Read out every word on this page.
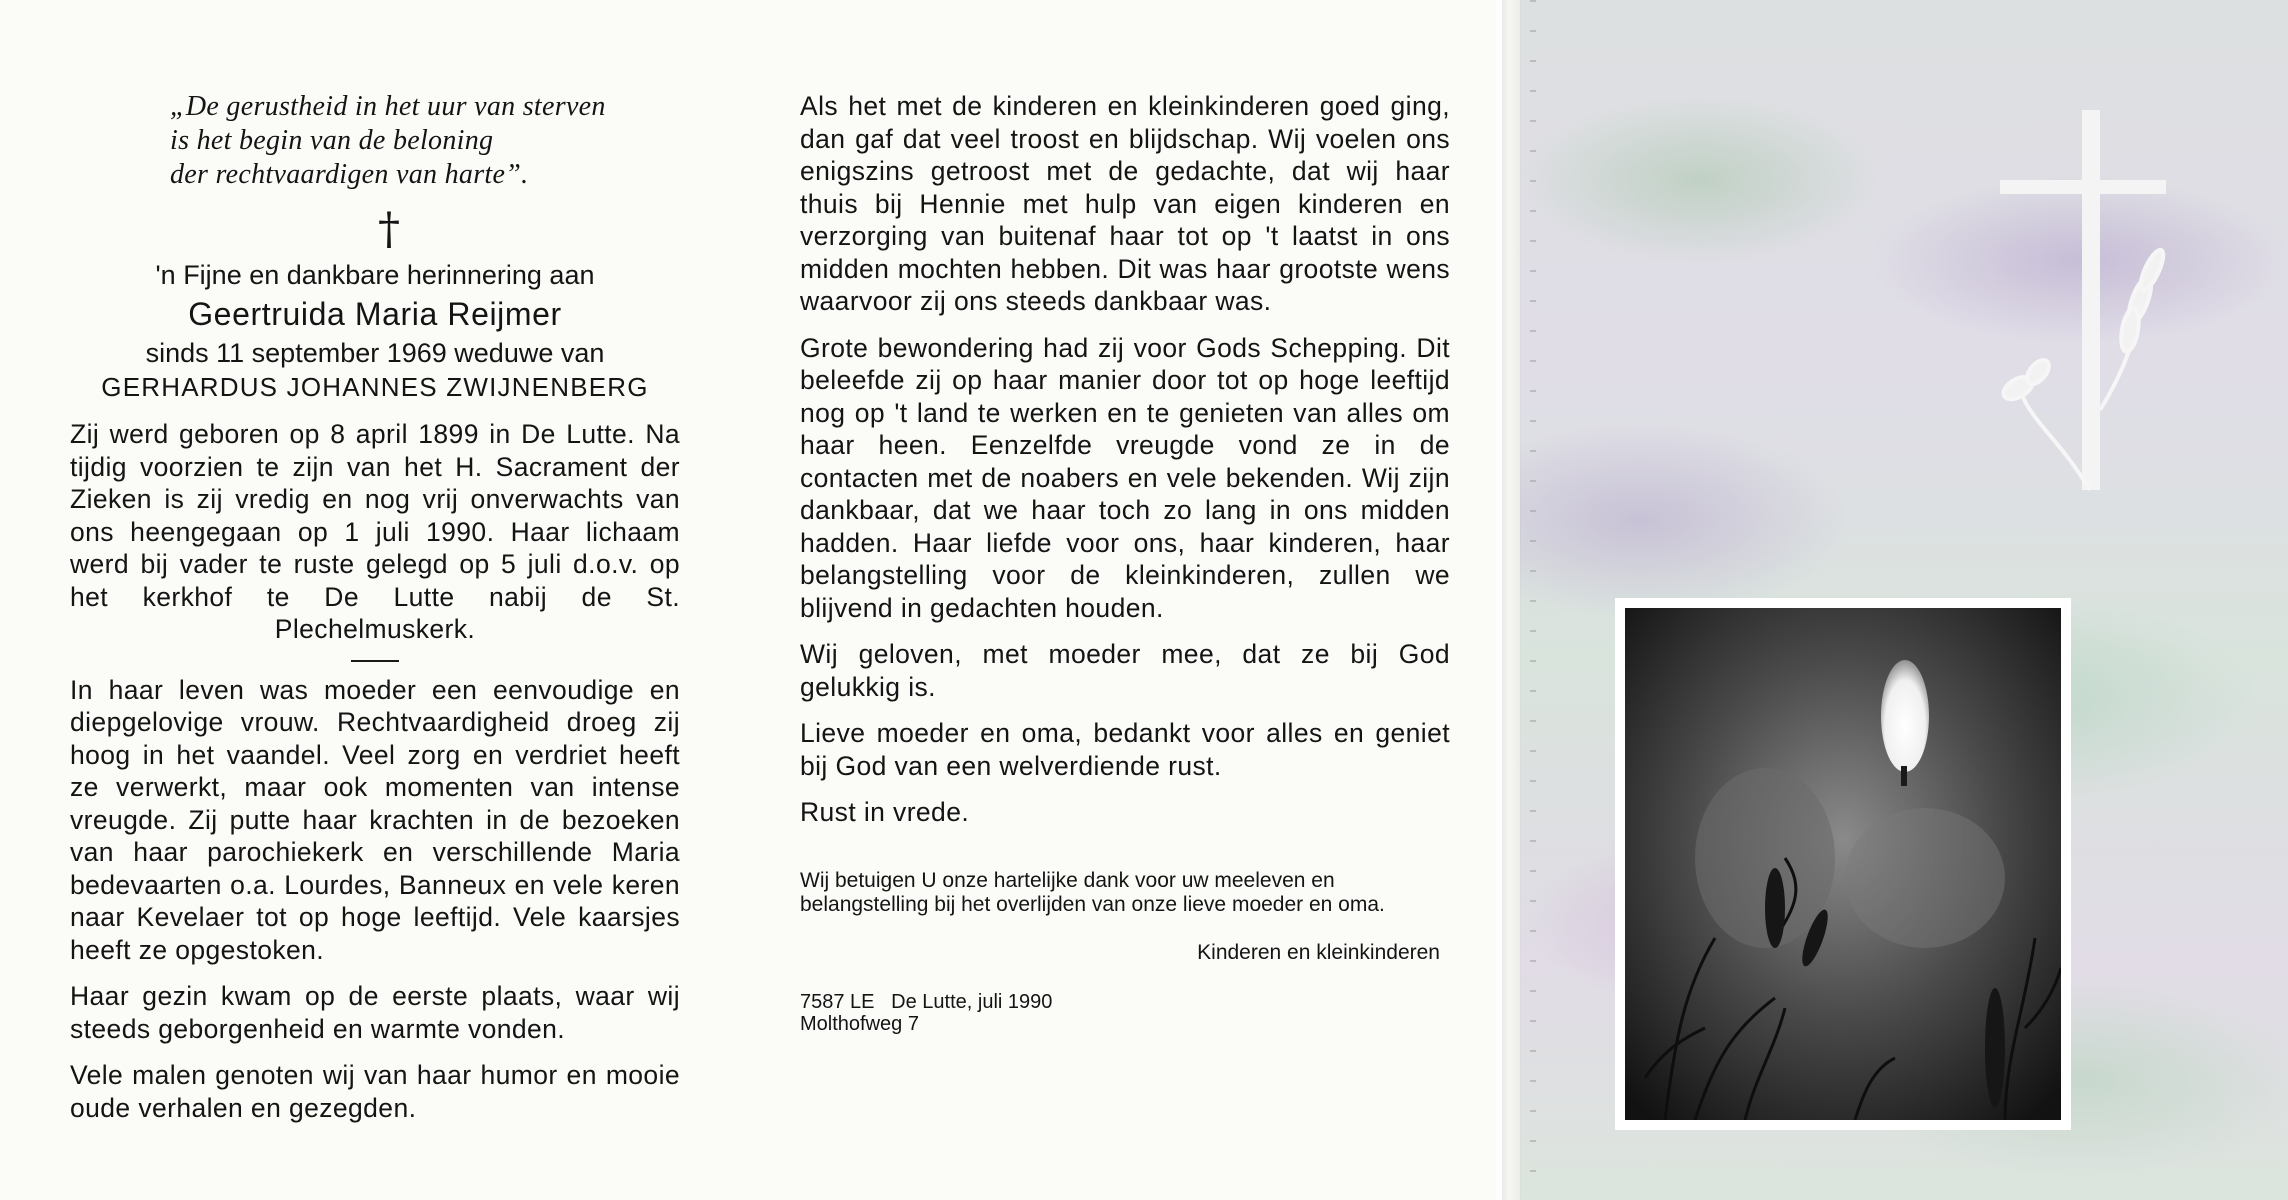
„De gerustheid in het uur van sterven
is het begin van de beloning
der rechtvaardigen van harte”.
†
'n Fijne en dankbare herinnering aan
Geertruida Maria Reijmer
sinds 11 september 1969 weduwe van
GERHARDUS JOHANNES ZWIJNENBERG

Zij werd geboren op 8 april 1899 in De Lutte. Na tijdig voorzien te zijn van het H. Sacrament der Zieken is zij vredig en nog vrij onverwachts van ons heengegaan op 1 juli 1990. Haar lichaam werd bij vader te ruste gelegd op 5 juli d.o.v. op het kerkhof te De Lutte nabij de St. Plechelmuskerk.

In haar leven was moeder een eenvoudige en diepgelovige vrouw. Rechtvaardigheid droeg zij hoog in het vaandel. Veel zorg en verdriet heeft ze verwerkt, maar ook momenten van intense vreugde. Zij putte haar krachten in de bezoeken van haar parochiekerk en verschillende Maria bedevaarten o.a. Lourdes, Banneux en vele keren naar Kevelaer tot op hoge leeftijd. Vele kaarsjes heeft ze opgestoken.

Haar gezin kwam op de eerste plaats, waar wij steeds geborgenheid en warmte vonden.

Vele malen genoten wij van haar humor en mooie oude verhalen en gezegden.

Als het met de kinderen en kleinkinderen goed ging, dan gaf dat veel troost en blijdschap. Wij voelen ons enigszins getroost met de gedachte, dat wij haar thuis bij Hennie met hulp van eigen kinderen en verzorging van buitenaf haar tot op 't laatst in ons midden mochten hebben. Dit was haar grootste wens waarvoor zij ons steeds dankbaar was.

Grote bewondering had zij voor Gods Schepping. Dit beleefde zij op haar manier door tot op hoge leeftijd nog op 't land te werken en te genieten van alles om haar heen. Eenzelfde vreugde vond ze in de contacten met de noabers en vele bekenden. Wij zijn dankbaar, dat we haar toch zo lang in ons midden hadden. Haar liefde voor ons, haar kinderen, haar belangstelling voor de kleinkinderen, zullen we blijvend in gedachten houden.

Wij geloven, met moeder mee, dat ze bij God gelukkig is.

Lieve moeder en oma, bedankt voor alles en geniet bij God van een welverdiende rust.

Rust in vrede.

Wij betuigen U onze hartelijke dank voor uw meeleven en belangstelling bij het overlijden van onze lieve moeder en oma.

Kinderen en kleinkinderen
7587 LE   De Lutte, juli 1990
Molthofweg 7
